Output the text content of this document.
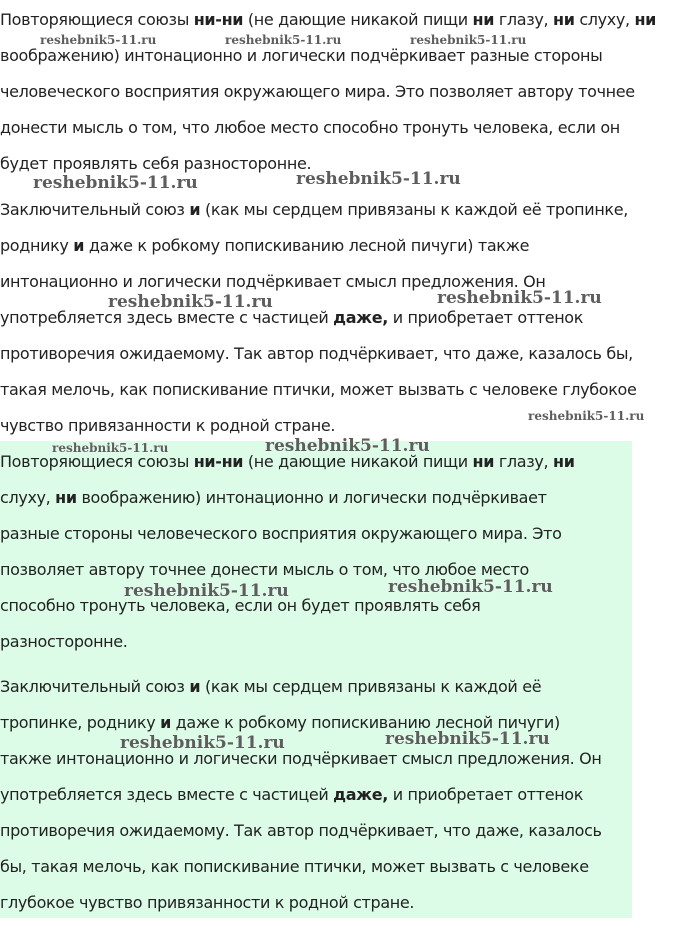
Повторяющиеся союзы ни-ни (не дающие никакой пищи ни глазу, ни слуху, ни
воображению) интонационно и логически подчёркивает разные стороны
человеческого восприятия окружающего мира. Это позволяет автору точнее
донести мысль о том, что любое место способно тронуть человека, если он
будет проявлять себя разносторонне.
Заключительный союз и (как мы сердцем привязаны к каждой её тропинке,
роднику и даже к робкому попискиванию лесной пичуги) также
интонационно и логически подчёркивает смысл предложения. Он
употребляется здесь вместе с частицей даже, и приобретает оттенок
противоречия ожидаемому. Так автор подчёркивает, что даже, казалось бы,
такая мелочь, как попискивание птички, может вызвать с человеке глубокое
чувство привязанности к родной стране.
Повторяющиеся союзы ни-ни (не дающие никакой пищи ни глазу, ни
слуху, ни воображению) интонационно и логически подчёркивает
разные стороны человеческого восприятия окружающего мира. Это
позволяет автору точнее донести мысль о том, что любое место
способно тронуть человека, если он будет проявлять себя
разносторонне.
Заключительный союз и (как мы сердцем привязаны к каждой её
тропинке, роднику и даже к робкому попискиванию лесной пичуги)
также интонационно и логически подчёркивает смысл предложения. Он
употребляется здесь вместе с частицей даже, и приобретает оттенок
противоречия ожидаемому. Так автор подчёркивает, что даже, казалось
бы, такая мелочь, как попискивание птички, может вызвать с человеке
глубокое чувство привязанности к родной стране.
reshebnik5-11.ru	reshebnik5-11.ru	reshebnik5-11.ru
reshebnik5-11.ru	reshebnik5-11.ru
reshebnik5-11.ru	reshebnik5-11.ru
reshebnik5-11.ru
reshebnik5-11.ru	reshebnik5-11.ru
reshebnik5-11.ru	reshebnik5-11.ru
reshebnik5-11.ru	reshebnik5-11.ru
